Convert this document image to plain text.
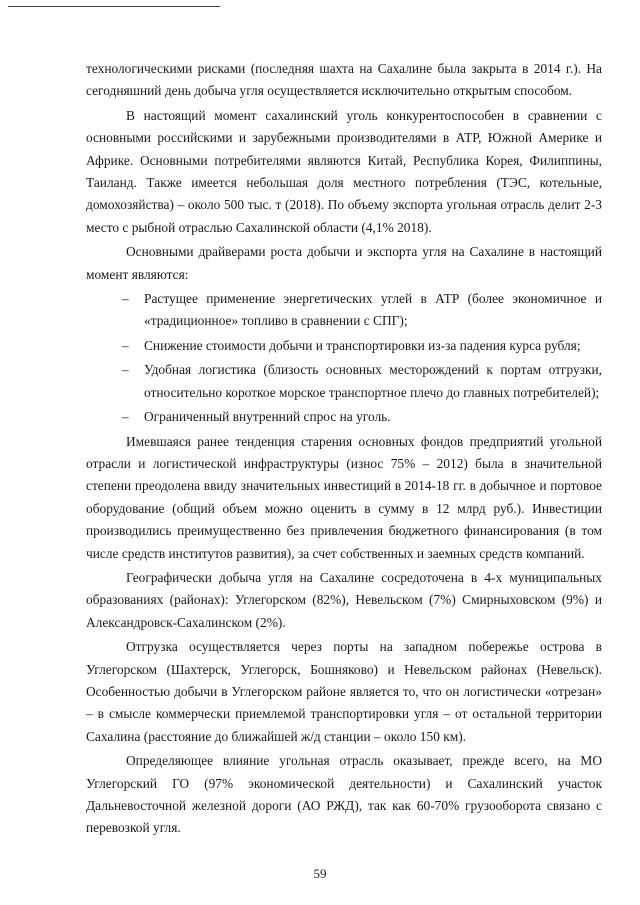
технологическими рисками (последняя шахта на Сахалине была закрыта в 2014 г.). На сегодняшний день добыча угля осуществляется исключительно открытым способом.

В настоящий момент сахалинский уголь конкурентоспособен в сравнении с основными российскими и зарубежными производителями в АТР, Южной Америке и Африке. Основными потребителями являются Китай, Республика Корея, Филиппины, Таиланд. Также имеется небольшая доля местного потребления (ТЭС, котельные, домохозяйства) – около 500 тыс. т (2018). По объему экспорта угольная отрасль делит 2-3 место с рыбной отраслью Сахалинской области (4,1% 2018).

Основными драйверами роста добычи и экспорта угля на Сахалине в настоящий момент являются:

– Растущее применение энергетических углей в АТР (более экономичное и «традиционное» топливо в сравнении с СПГ);

– Снижение стоимости добычи и транспортировки из-за падения курса рубля;

– Удобная логистика (близость основных месторождений к портам отгрузки, относительно короткое морское транспортное плечо до главных потребителей);

– Ограниченный внутренний спрос на уголь.

Имевшаяся ранее тенденция старения основных фондов предприятий угольной отрасли и логистической инфраструктуры (износ 75% – 2012) была в значительной степени преодолена ввиду значительных инвестиций в 2014-18 гг. в добычное и портовое оборудование (общий объем можно оценить в сумму в 12 млрд руб.). Инвестиции производились преимущественно без привлечения бюджетного финансирования (в том числе средств институтов развития), за счет собственных и заемных средств компаний.

Географически добыча угля на Сахалине сосредоточена в 4-х муниципальных образованиях (районах): Углегорском (82%), Невельском (7%) Смирныховском (9%) и Александровск-Сахалинском (2%).

Отгрузка осуществляется через порты на западном побережье острова в Углегорском (Шахтерск, Углегорск, Бошняково) и Невельском районах (Невельск). Особенностью добычи в Углегорском районе является то, что он логистически «отрезан» – в смысле коммерчески приемлемой транспортировки угля – от остальной территории Сахалина (расстояние до ближайшей ж/д станции – около 150 км).

Определяющее влияние угольная отрасль оказывает, прежде всего, на МО Углегорский ГО (97% экономической деятельности) и Сахалинский участок Дальневосточной железной дороги (АО РЖД), так как 60-70% грузооборота связано с перевозкой угля.

59
